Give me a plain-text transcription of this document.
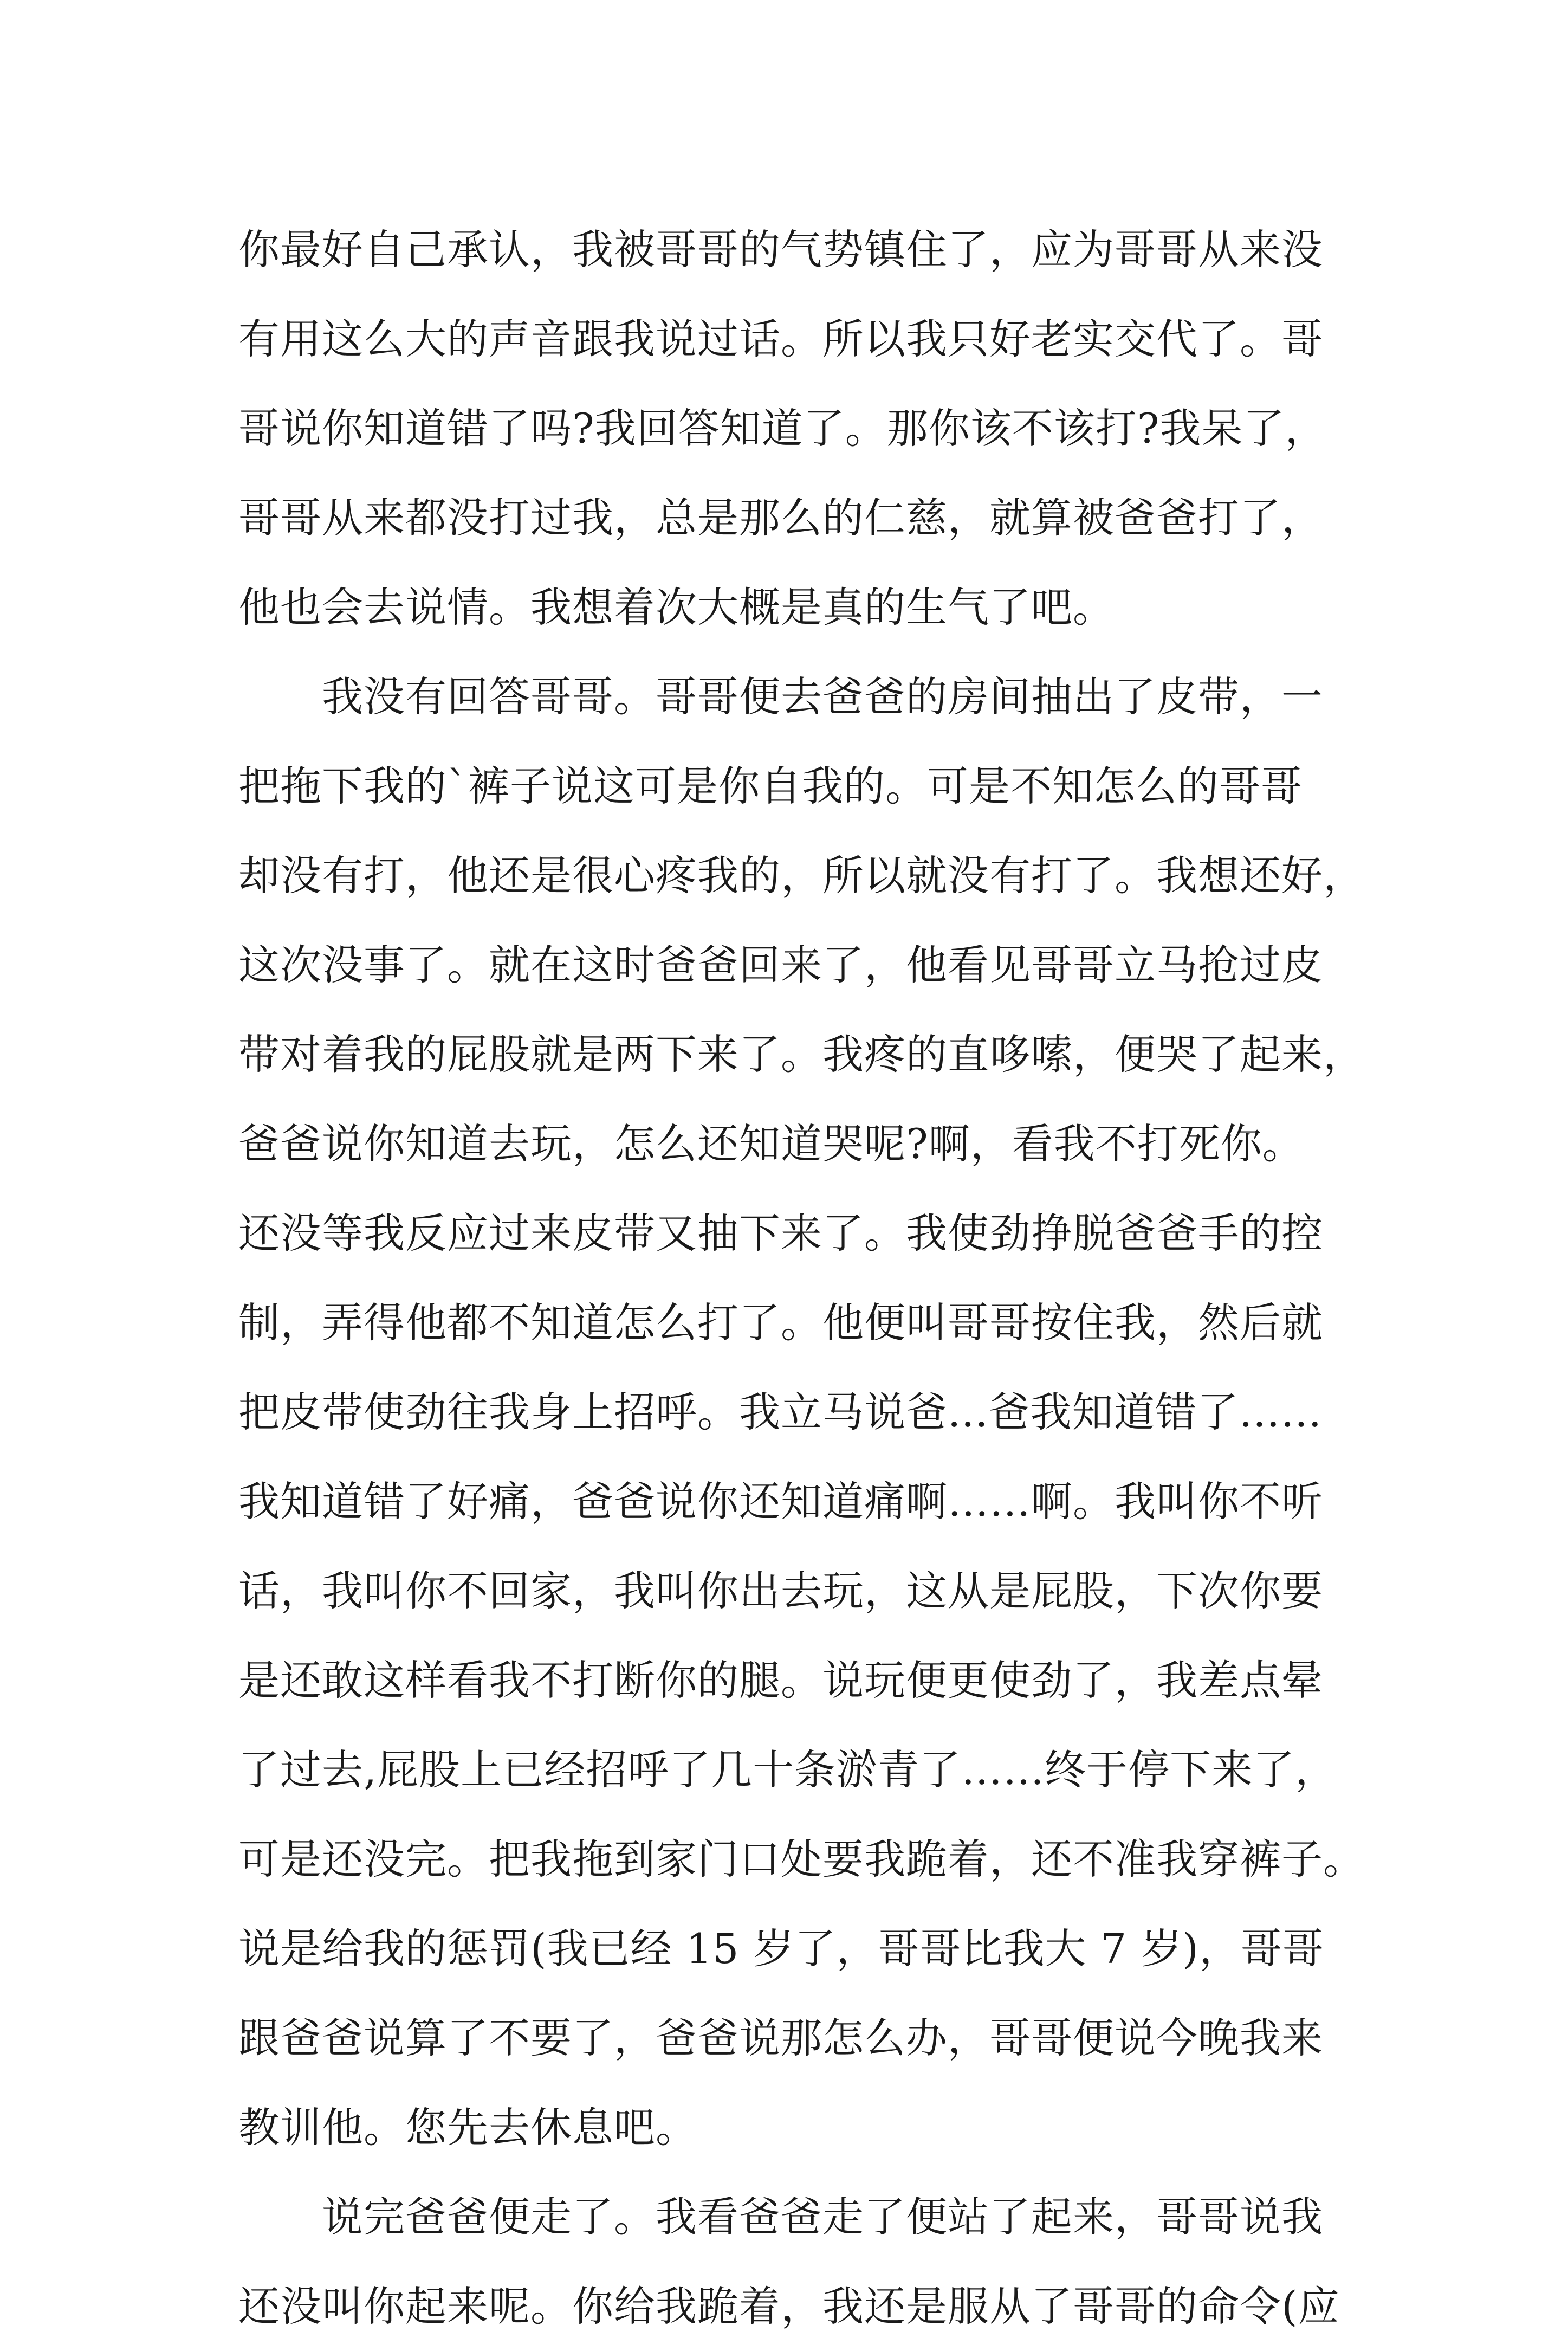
你最好自己承认，我被哥哥的气势镇住了，应为哥哥从来没
有用这么大的声音跟我说过话。所以我只好老实交代了。哥
哥说你知道错了吗?我回答知道了。那你该不该打?我呆了，
哥哥从来都没打过我，总是那么的仁慈，就算被爸爸打了，
他也会去说情。我想着次大概是真的生气了吧。
　　我没有回答哥哥。哥哥便去爸爸的房间抽出了皮带，一
把拖下我的`裤子说这可是你自我的。可是不知怎么的哥哥
却没有打，他还是很心疼我的，所以就没有打了。我想还好，
这次没事了。就在这时爸爸回来了，他看见哥哥立马抢过皮
带对着我的屁股就是两下来了。我疼的直哆嗦，便哭了起来，
爸爸说你知道去玩，怎么还知道哭呢?啊，看我不打死你。
还没等我反应过来皮带又抽下来了。我使劲挣脱爸爸手的控
制，弄得他都不知道怎么打了。他便叫哥哥按住我，然后就
把皮带使劲往我身上招呼。我立马说爸...爸我知道错了……
我知道错了好痛，爸爸说你还知道痛啊……啊。我叫你不听
话，我叫你不回家，我叫你出去玩，这从是屁股，下次你要
是还敢这样看我不打断你的腿。说玩便更使劲了，我差点晕
了过去,屁股上已经招呼了几十条淤青了……终于停下来了，
可是还没完。把我拖到家门口处要我跪着，还不准我穿裤子。
说是给我的惩罚(我已经 15 岁了，哥哥比我大 7 岁)，哥哥
跟爸爸说算了不要了，爸爸说那怎么办，哥哥便说今晚我来
教训他。您先去休息吧。
　　说完爸爸便走了。我看爸爸走了便站了起来，哥哥说我
还没叫你起来呢。你给我跪着，我还是服从了哥哥的命令(应
